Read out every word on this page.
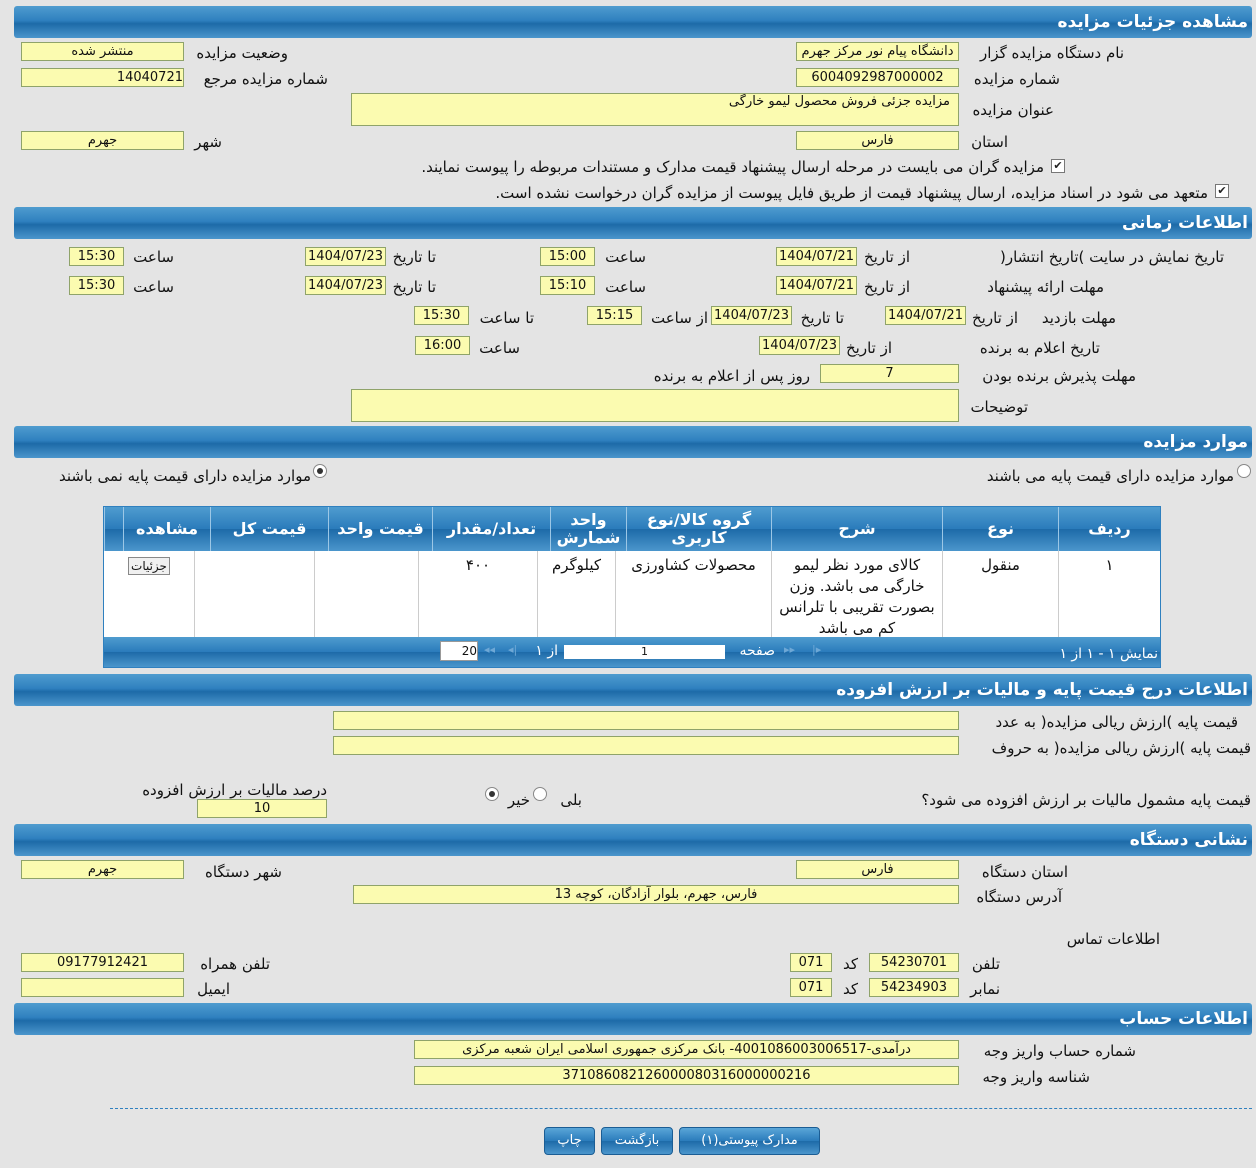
مشاهده جزئیات مزایده
نام دستگاه مزایده گزار
دانشگاه پیام نور مرکز جهرم
وضعیت مزایده
منتشر شده
شماره مزایده
6004092987000002
شماره مزایده مرجع
14040721
عنوان مزایده
مزایده جزئی فروش محصول لیمو خارگی
استان
فارس
شهر
جهرم
✔
مزایده گران می بایست در مرحله ارسال پیشنهاد قیمت مدارک و مستندات مربوطه را پیوست نمایند.
✔
متعهد می شود در اسناد مزایده، ارسال پیشنهاد قیمت از طریق فایل پیوست از مزایده گران درخواست نشده است.
اطلاعات زمانی
تاریخ نمایش در سایت )تاریخ انتشار(
از تاریخ
1404/07/21
ساعت
15:00
تا تاریخ
1404/07/23
ساعت
15:30
مهلت ارائه پیشنهاد
از تاریخ
1404/07/21
ساعت
15:10
تا تاریخ
1404/07/23
ساعت
15:30
مهلت بازدید
از تاریخ
1404/07/21
تا تاریخ
1404/07/23
از ساعت
15:15
تا ساعت
15:30
تاریخ اعلام به برنده
از تاریخ
1404/07/23
ساعت
16:00
مهلت پذیرش برنده بودن
7
روز پس از اعلام به برنده
توضیحات
موارد مزایده
موارد مزایده دارای قیمت پایه می باشند
موارد مزایده دارای قیمت پایه نمی باشند
ردیف
نوع
شرح
گروه کالا/نوع کاربری
واحد شمارش
تعداد/مقدار
قیمت واحد
قیمت کل
مشاهده
۱
منقول
کالای مورد نظر لیمو خارگی می باشد. وزن بصورت تقریبی با تلرانس کم می باشد
محصولات کشاورزی
کیلوگرم
۴۰۰
جزئیات
نمایش ۱ - ۱ از ۱
صفحه
1
از ۱	▸▸ ▸|
◂◂ |◂
20
اطلاعات درج قیمت پایه و مالیات بر ارزش افزوده
قیمت پایه )ارزش ریالی مزایده( به عدد
قیمت پایه )ارزش ریالی مزایده( به حروف
قیمت پایه مشمول مالیات بر ارزش افزوده می شود؟
بلی
خیر
درصد مالیات بر ارزش افزوده
10
نشانی دستگاه
استان دستگاه
فارس
شهر دستگاه
جهرم
آدرس دستگاه
فارس، جهرم، بلوار آزادگان، کوچه 13
اطلاعات تماس
تلفن
54230701
کد
071
تلفن همراه
09177912421
نمابر
54234903
کد
071
ایمیل
اطلاعات حساب
شماره حساب واریز وجه
درآمدی-4001086003006517- بانک مرکزی جمهوری اسلامی ایران شعبه مرکزی
شناسه واریز وجه
371086082126000080316000000216
مدارک پیوستی(۱)
بازگشت
چاپ
